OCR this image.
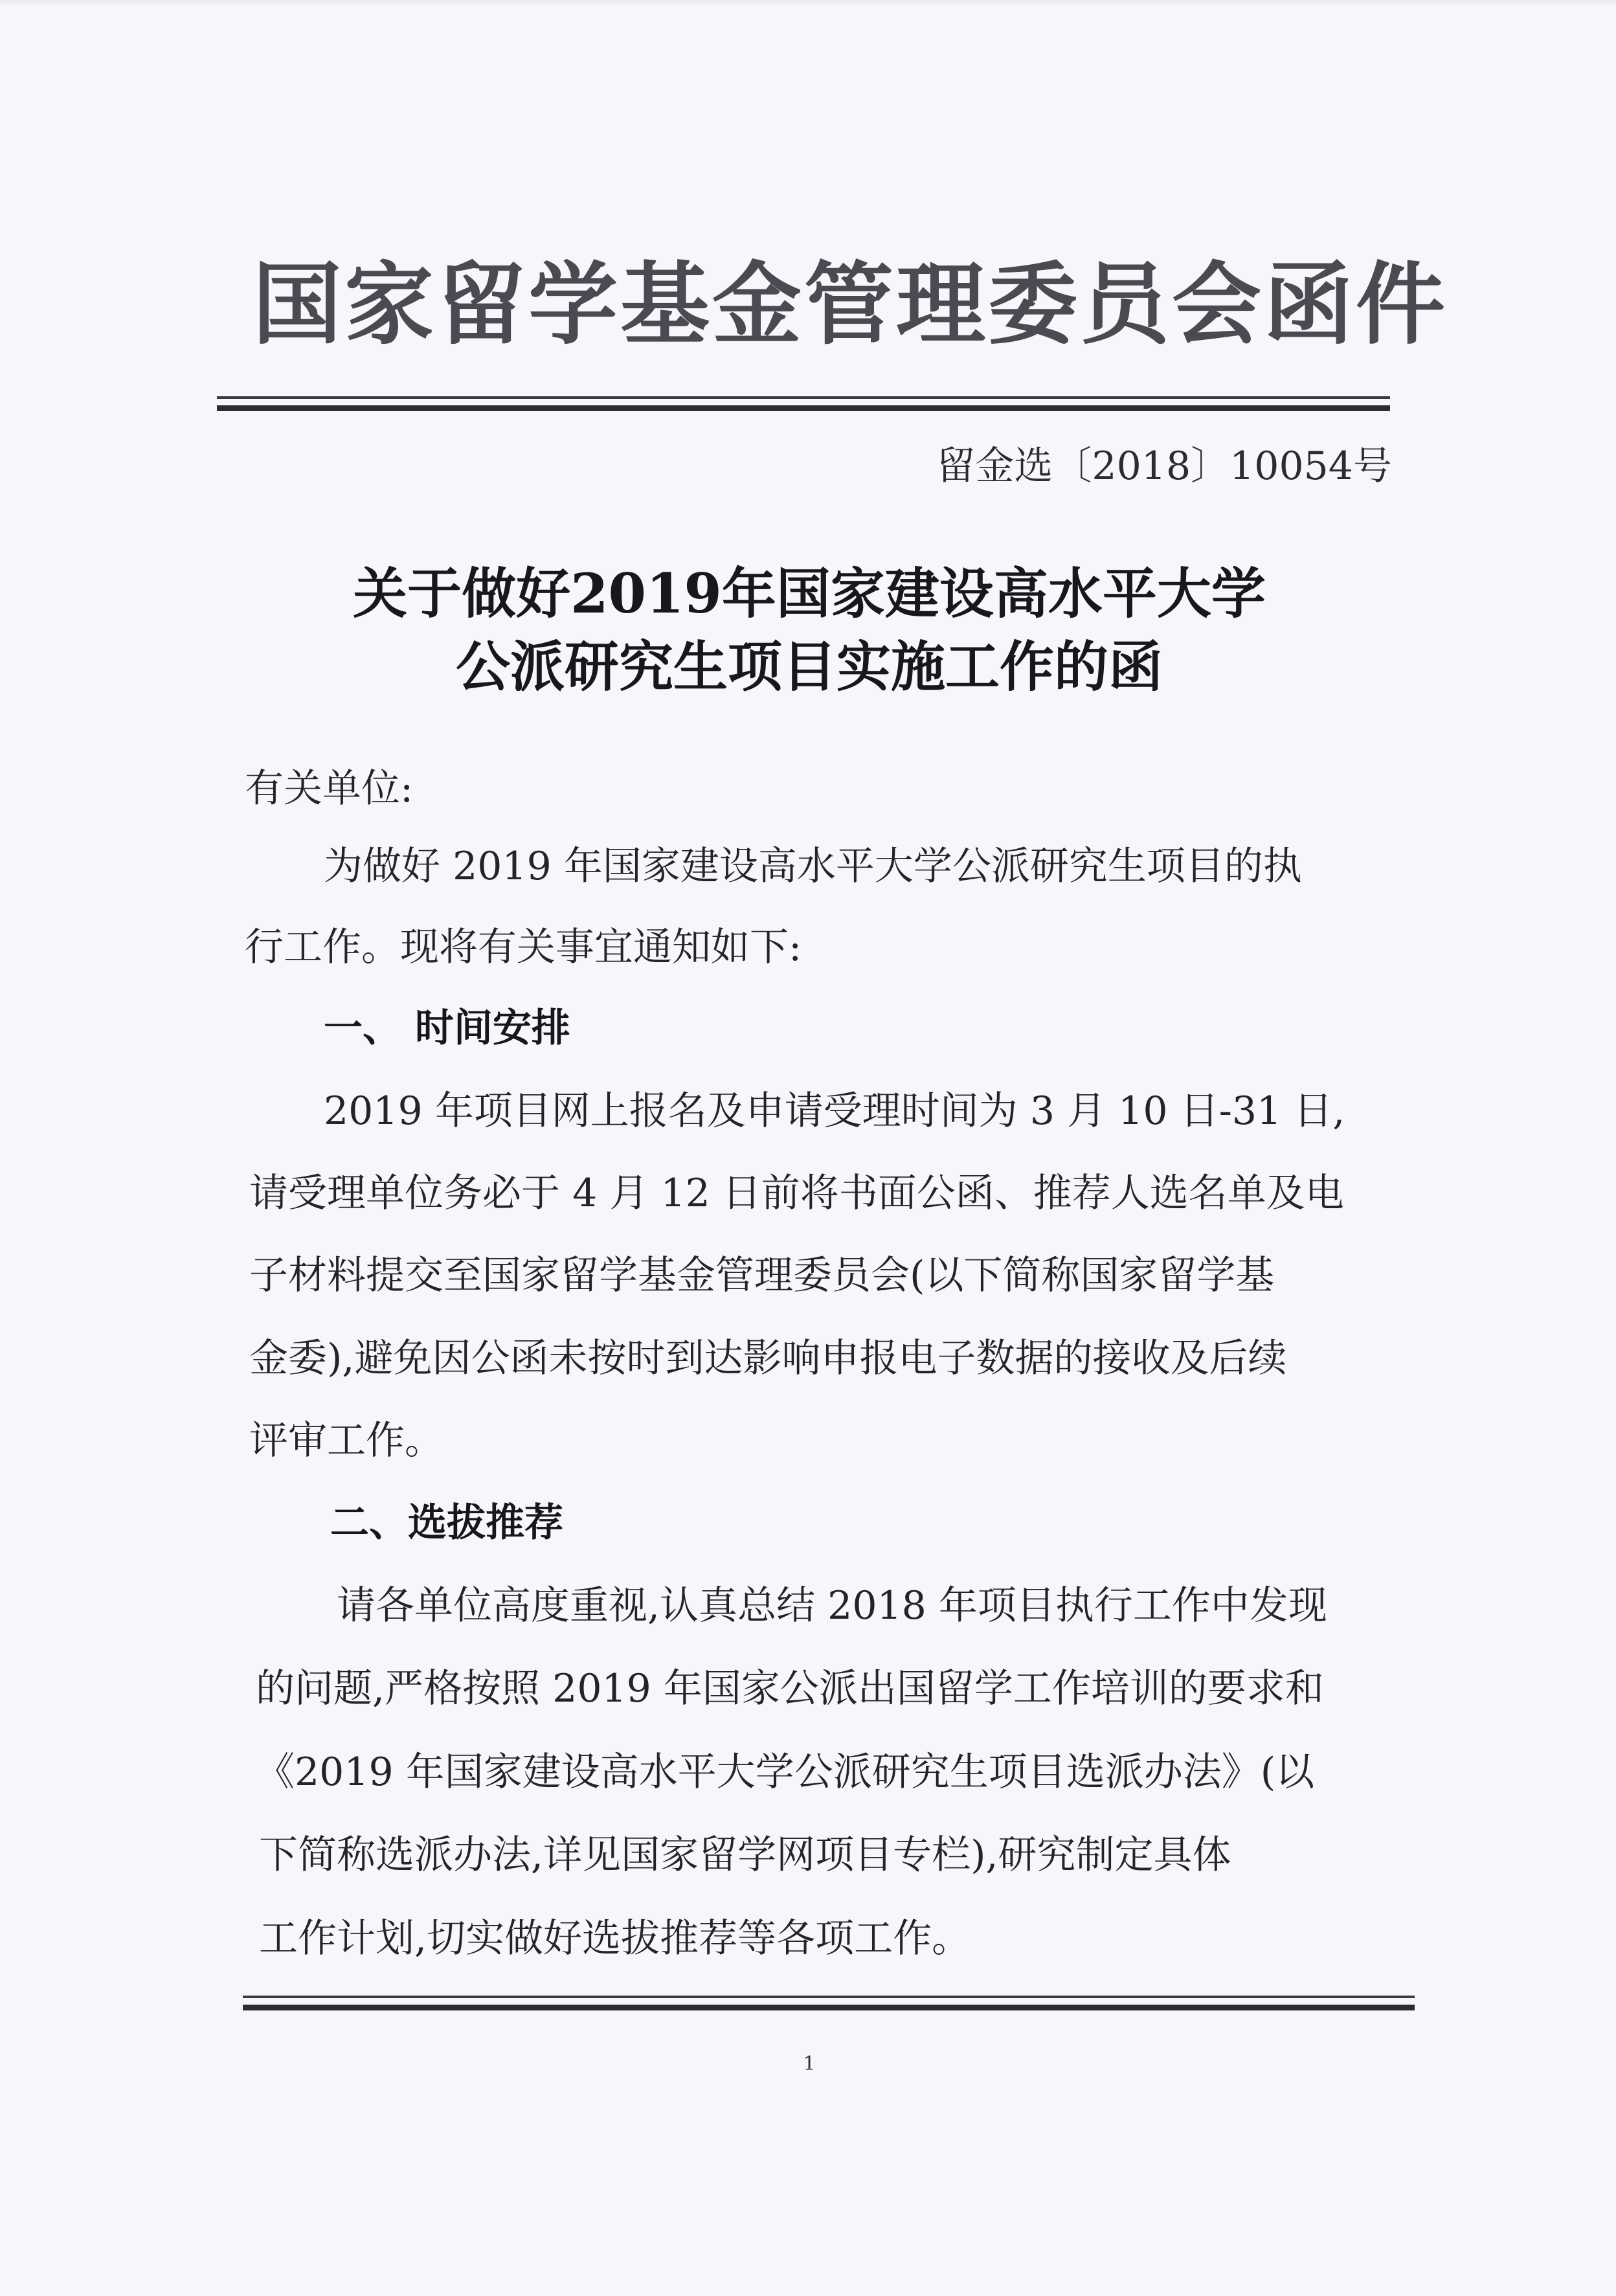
国家留学基金管理委员会函件
留金选〔2018〕10054号
关于做好2019年国家建设高水平大学
公派研究生项目实施工作的函
有关单位:
为做好 2019 年国家建设高水平大学公派研究生项目的执
行工作。现将有关事宜通知如下:
一、 时间安排
2019 年项目网上报名及申请受理时间为 3 月 10 日-31 日,
请受理单位务必于 4 月 12 日前将书面公函、推荐人选名单及电
子材料提交至国家留学基金管理委员会(以下简称国家留学基
金委),避免因公函未按时到达影响申报电子数据的接收及后续
评审工作。
二、选拔推荐
请各单位高度重视,认真总结 2018 年项目执行工作中发现
的问题,严格按照 2019 年国家公派出国留学工作培训的要求和
《2019 年国家建设高水平大学公派研究生项目选派办法》(以
下简称选派办法,详见国家留学网项目专栏),研究制定具体
工作计划,切实做好选拔推荐等各项工作。
1
